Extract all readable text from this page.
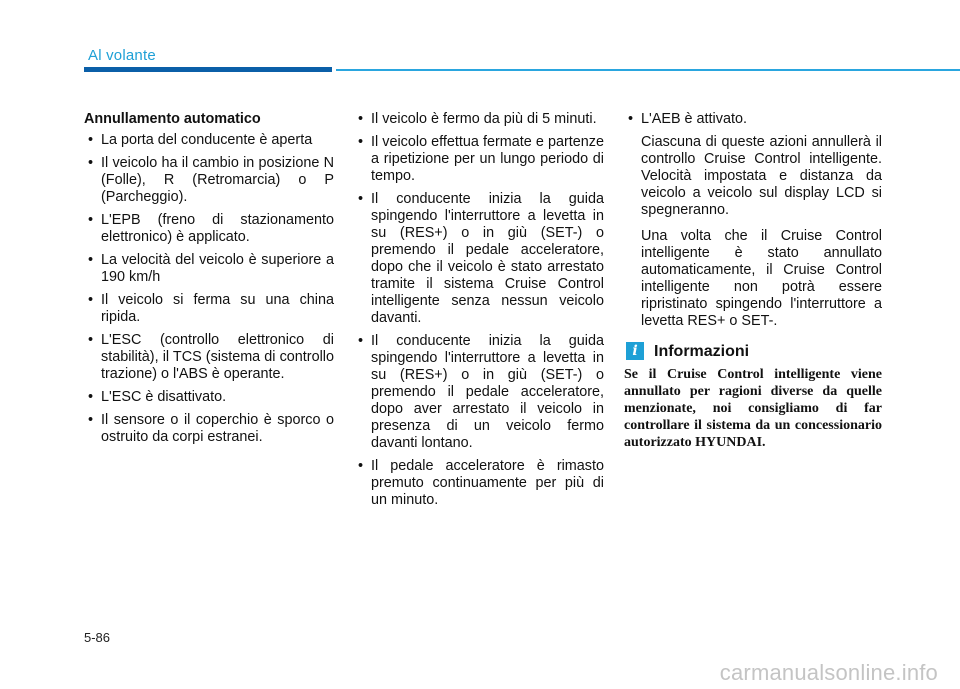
Al volante
Annullamento automatico
• La porta del conducente è aperta
• Il veicolo ha il cambio in posizione N (Folle), R (Retromarcia) o P (Parcheggio).
• L'EPB (freno di stazionamento elettronico) è applicato.
• La velocità del veicolo è superiore a 190 km/h
• Il veicolo si ferma su una china ripida.
• L'ESC (controllo elettronico di stabilità), il TCS (sistema di controllo trazione) o l'ABS è operante.
• L'ESC è disattivato.
• Il sensore o il coperchio è sporco o ostruito da corpi estranei.
• Il veicolo è fermo da più di 5 minuti.
• Il veicolo effettua fermate e partenze a ripetizione per un lungo periodo di tempo.
• Il conducente inizia la guida spingendo l'interruttore a levetta in su (RES+) o in giù (SET-) o premendo il pedale acceleratore, dopo che il veicolo è stato arrestato tramite il sistema Cruise Control intelligente senza nessun veicolo davanti.
• Il conducente inizia la guida spingendo l'interruttore a levetta in su (RES+) o in giù (SET-) o premendo il pedale acceleratore, dopo aver arrestato il veicolo in presenza di un veicolo fermo davanti lontano.
• Il pedale acceleratore è rimasto premuto continuamente per più di un minuto.
• L'AEB è attivato.

Ciascuna di queste azioni annullerà il controllo Cruise Control intelligente. Velocità impostata e distanza da veicolo a veicolo sul display LCD si spegneranno.

Una volta che il Cruise Control intelligente è stato annullato automaticamente, il Cruise Control intelligente non potrà essere ripristinato spingendo l'interruttore a levetta RES+ o SET-.

i	Informazioni
Se il Cruise Control intelligente viene annullato per ragioni diverse da quelle menzionate, noi consigliamo di far controllare il sistema da un concessionario autorizzato HYUNDAI.
5-86
carmanualsonline.info
